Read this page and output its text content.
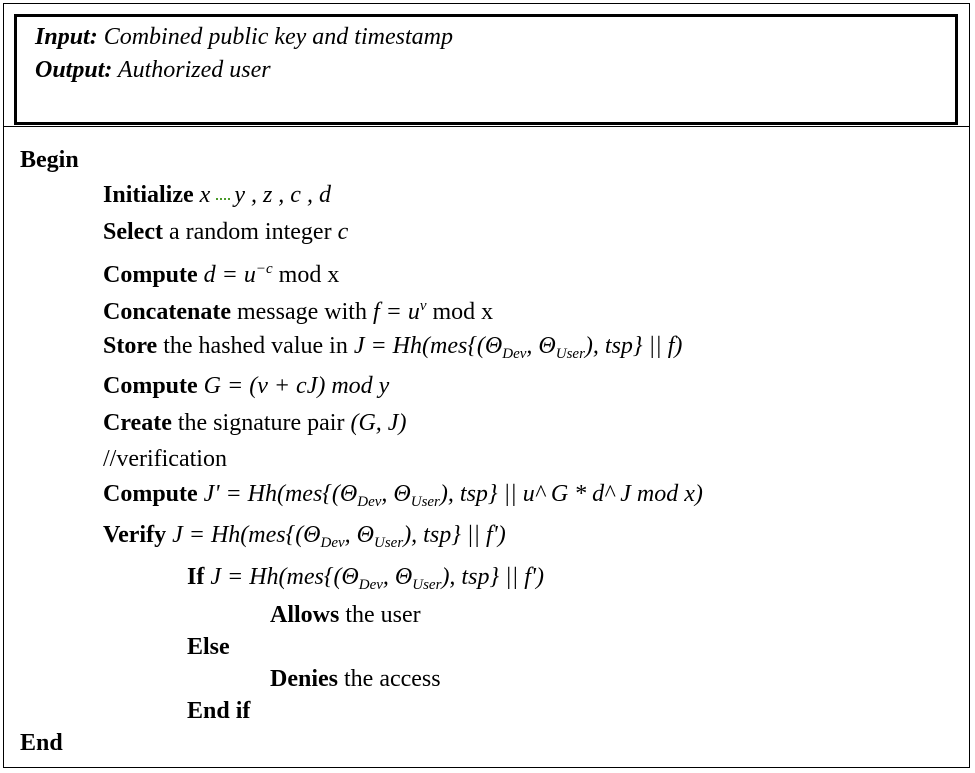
Input: Combined public key and timestamp
Output: Authorized user
Begin
Initialize x y , z , c , d
Select a random integer c
Compute $d = u^{-c}$ mod x
Concatenate message with $f = u^v$ mod x
Store the hashed value in $J = Hh(mes\{(\Theta_{Dev}$, $\Theta_{User}$), tsp} || f)
Compute G = (v + cJ) mod y
Create the signature pair (G, J)
//verification
Compute $J' = Hh(mes\{(\Theta_{Dev}$, $\Theta_{User}$), tsp} || u^ G * d^ J mod x)
Verify $J = Hh(mes\{(\Theta_{Dev}$, $\Theta_{User}$), tsp} || f')
If $J = Hh(mes\{(\Theta_{Dev}$, $\Theta_{User}$), tsp} || f')
Allows the user
Else
Denies the access
End if
End
